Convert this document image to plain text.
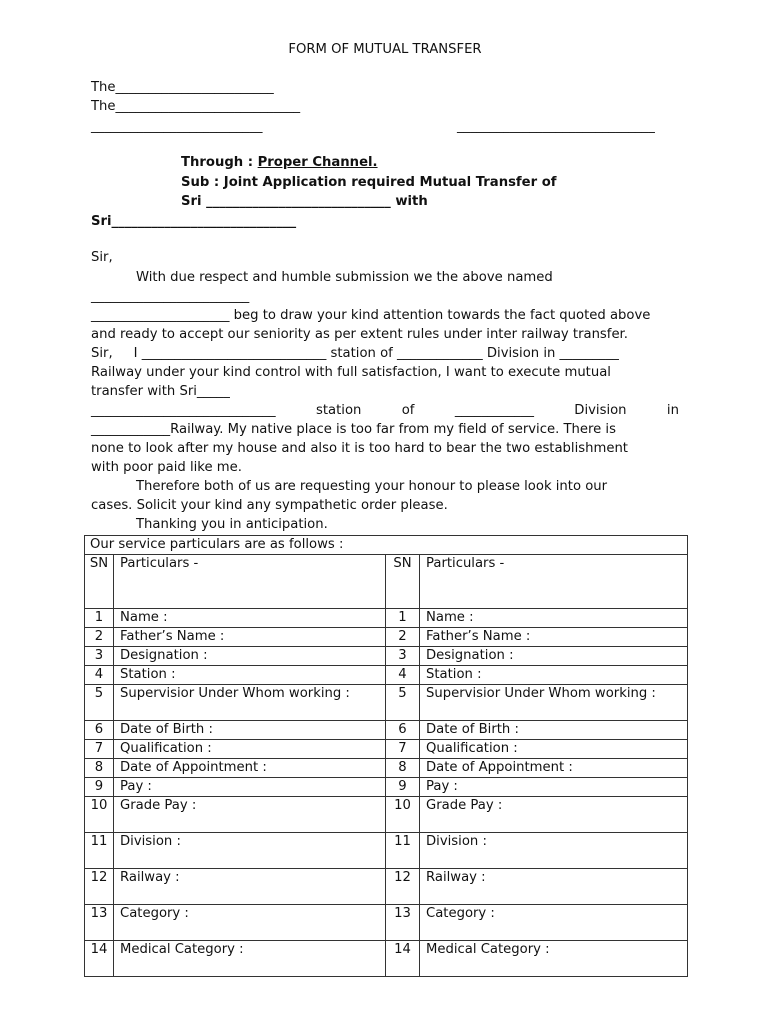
FORM OF MUTUAL TRANSFER
The________________________
The____________________________
__________________________	______________________________
Through : Proper Channel.
Sub : Joint Application required Mutual Transfer of
Sri ____________________________ with
Sri____________________________
Sir,
With due respect and humble submission we the above named
________________________
_____________________ beg to draw your kind attention towards the fact quoted above
and ready to accept our seniority as per extent rules under inter railway transfer.
Sir,     I ____________________________ station of _____________ Division in _________
Railway under your kind control with full satisfaction, I want to execute mutual
transfer with Sri_____
____________________________	station	of	____________	Division	in
____________Railway. My native place is too far from my field of service. There is
none to look after my house and also it is too hard to bear the two establishment
with poor paid like me.
Therefore both of us are requesting your honour to please look into our
cases. Solicit your kind any sympathetic order please.
Thanking you in anticipation.
Our service particulars are as follows :			
SN	Particulars -	SN	Particulars -
1	Name :	1	Name :
2	Father’s Name :	2	Father’s Name :
3	Designation :	3	Designation :
4	Station :	4	Station :
5	Supervisior Under Whom working :	5	Supervisior Under Whom working :
6	Date of Birth :	6	Date of Birth :
7	Qualification :	7	Qualification :
8	Date of Appointment :	8	Date of Appointment :
9	Pay :	9	Pay :
10	Grade Pay :	10	Grade Pay :
11	Division :	11	Division :
12	Railway :	12	Railway :
13	Category :	13	Category :
14	Medical Category :	14	Medical Category :
